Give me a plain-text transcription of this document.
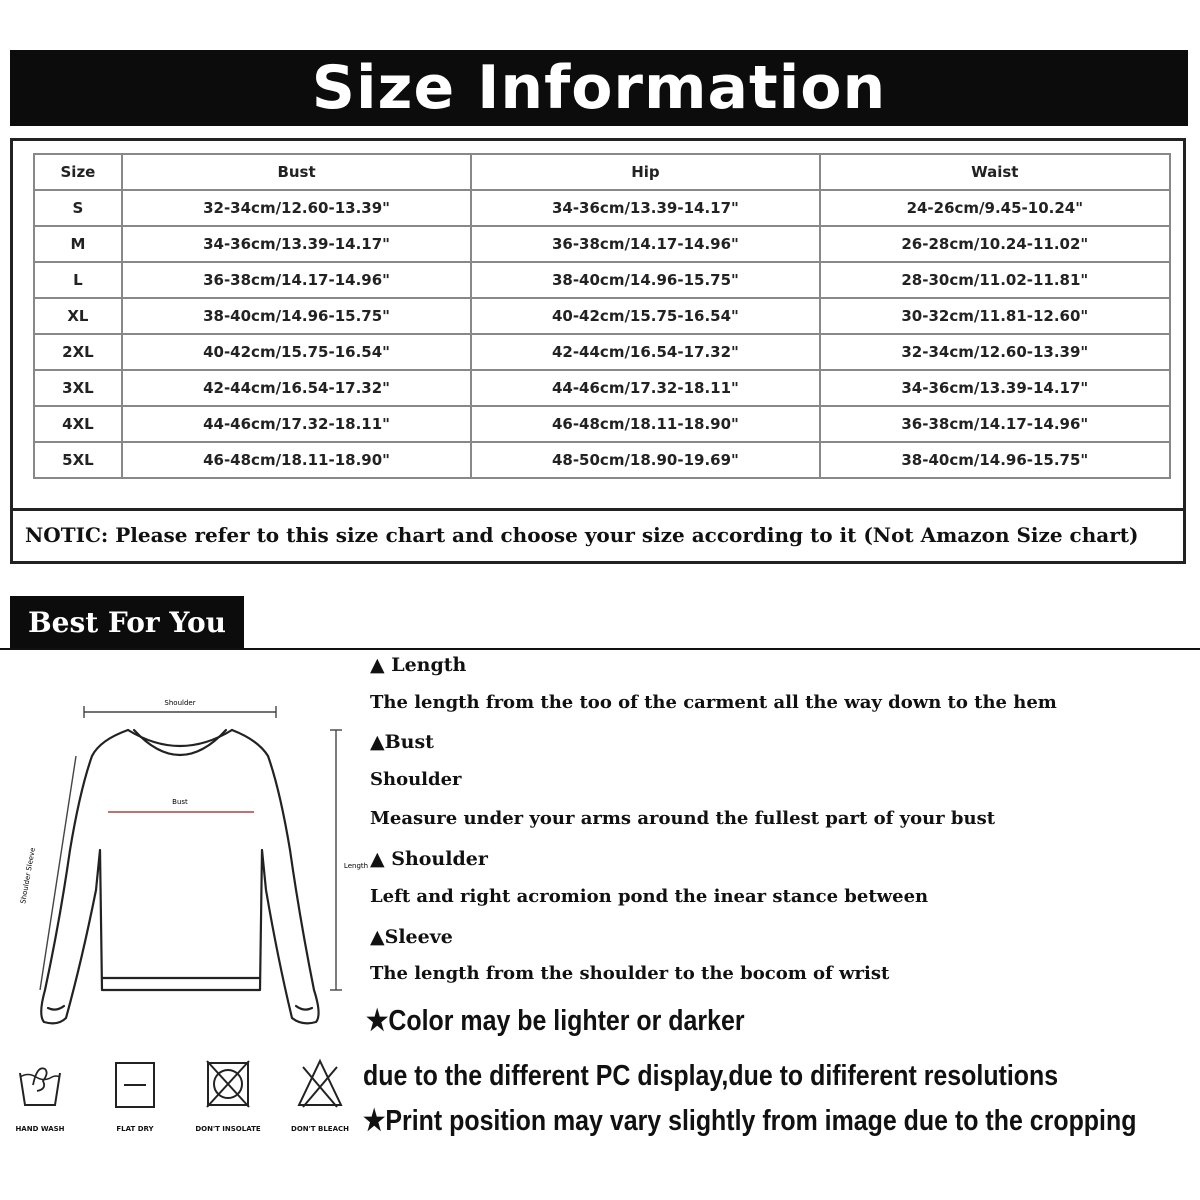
Size Information
Size	Bust	Hip	Waist
S	32-34cm/12.60-13.39"	34-36cm/13.39-14.17"	24-26cm/9.45-10.24"
M	34-36cm/13.39-14.17"	36-38cm/14.17-14.96"	26-28cm/10.24-11.02"
L	36-38cm/14.17-14.96"	38-40cm/14.96-15.75"	28-30cm/11.02-11.81"
XL	38-40cm/14.96-15.75"	40-42cm/15.75-16.54"	30-32cm/11.81-12.60"
2XL	40-42cm/15.75-16.54"	42-44cm/16.54-17.32"	32-34cm/12.60-13.39"
3XL	42-44cm/16.54-17.32"	44-46cm/17.32-18.11"	34-36cm/13.39-14.17"
4XL	44-46cm/17.32-18.11"	46-48cm/18.11-18.90"	36-38cm/14.17-14.96"
5XL	46-48cm/18.11-18.90"	48-50cm/18.90-19.69"	38-40cm/14.96-15.75"
NOTIC: Please refer to this size chart and choose your size according to it (Not Amazon Size chart)
Best For You
▲ Length
The length from the too of the carment all the way down to the hem
▲Bust
Shoulder
Measure under your arms around the fullest part of your bust
▲ Shoulder
Left and right acromion pond the inear stance between
▲Sleeve
The length from the shoulder to the bocom of wrist
★Color may be lighter or darker
due to the different PC display,due to dififerent resolutions
★Print position may vary slightly from image due to the cropping
Shoulder
Bust
Length
Shoulder Sleeve
HAND WASH	FLAT DRY	DON'T INSOLATE	DON'T BLEACH
